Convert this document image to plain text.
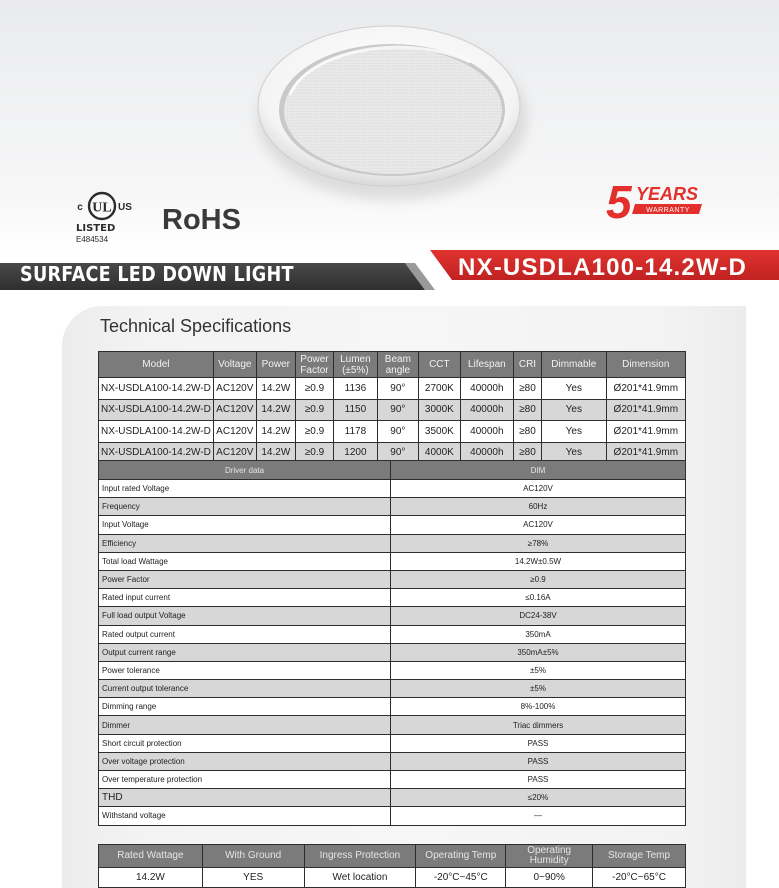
UL
c	US
LISTED
E484534
RoHS	5 YEARS
WARRANTY
SURFACE LED DOWN LIGHT	NX-USDLA100-14.2W-D
Technical Specifications
Model	Voltage	Power	Power Factor	Lumen (±5%)	Beam angle	CCT	Lifespan	CRI	Dimmable	Dimension
NX-USDLA100-14.2W-D	AC120V	14.2W	≥0.9	1136	90°	2700K	40000h	≥80	Yes	Ø201*41.9mm
NX-USDLA100-14.2W-D	AC120V	14.2W	≥0.9	1150	90°	3000K	40000h	≥80	Yes	Ø201*41.9mm
NX-USDLA100-14.2W-D	AC120V	14.2W	≥0.9	1178	90°	3500K	40000h	≥80	Yes	Ø201*41.9mm
NX-USDLA100-14.2W-D	AC120V	14.2W	≥0.9	1200	90°	4000K	40000h	≥80	Yes	Ø201*41.9mm
Driver data	DIM
Input rated Voltage	AC120V
Frequency	60Hz
Input Voltage	AC120V
Efficiency	≥78%
Total load Wattage	14.2W±0.5W
Power Factor	≥0.9
Rated input current	≤0.16A
Full load output Voltage	DC24-38V
Rated output current	350mA
Output current range	350mA±5%
Power tolerance	±5%
Current output tolerance	±5%
Dimming range	8%-100%
Dimmer	Triac dimmers
Short circuit protection	PASS
Over voltage protection	PASS
Over temperature protection	PASS
THD	≤20%
Withstand voltage	—
Rated Wattage	With Ground	Ingress Protection	Operating Temp	Operating Humidity	Storage Temp
14.2W	YES	Wet location	-20°C~45°C	0~90%	-20°C~65°C
